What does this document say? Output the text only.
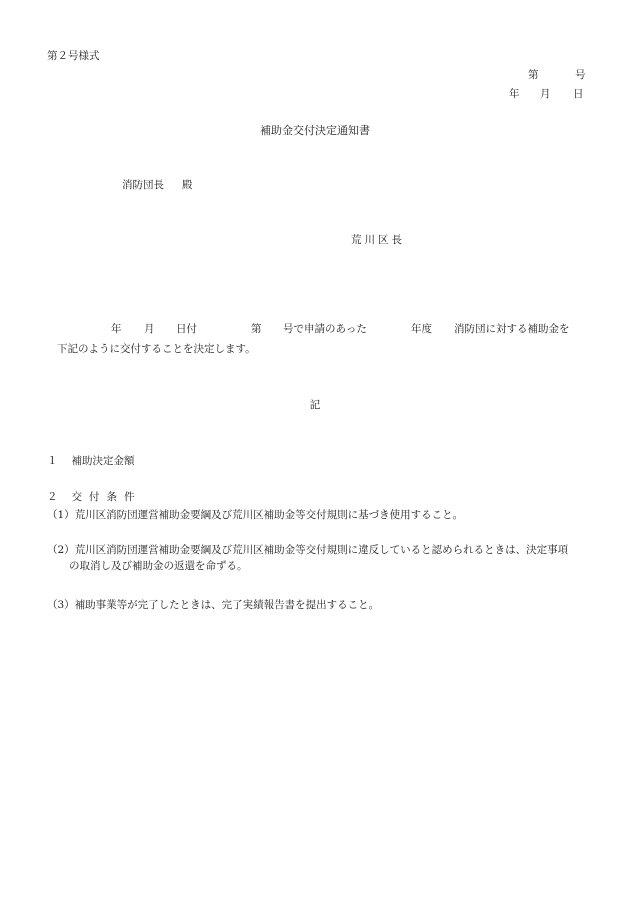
第２号様式
第	号
年 月 日
補助金交付決定通知書
消防団長 殿
荒川区長
年 月 日付	第 号で申請のあった	年度 消防団に対する補助金を
下記のように交付することを決定します。
記
１ 補助決定金額
２ 交付条件
（1）荒川区消防団運営補助金要綱及び荒川区補助金等交付規則に基づき使用すること。
（2）荒川区消防団運営補助金要綱及び荒川区補助金等交付規則に違反していると認められるときは、決定事項
の取消し及び補助金の返還を命ずる。
（3）補助事業等が完了したときは、完了実績報告書を提出すること。
